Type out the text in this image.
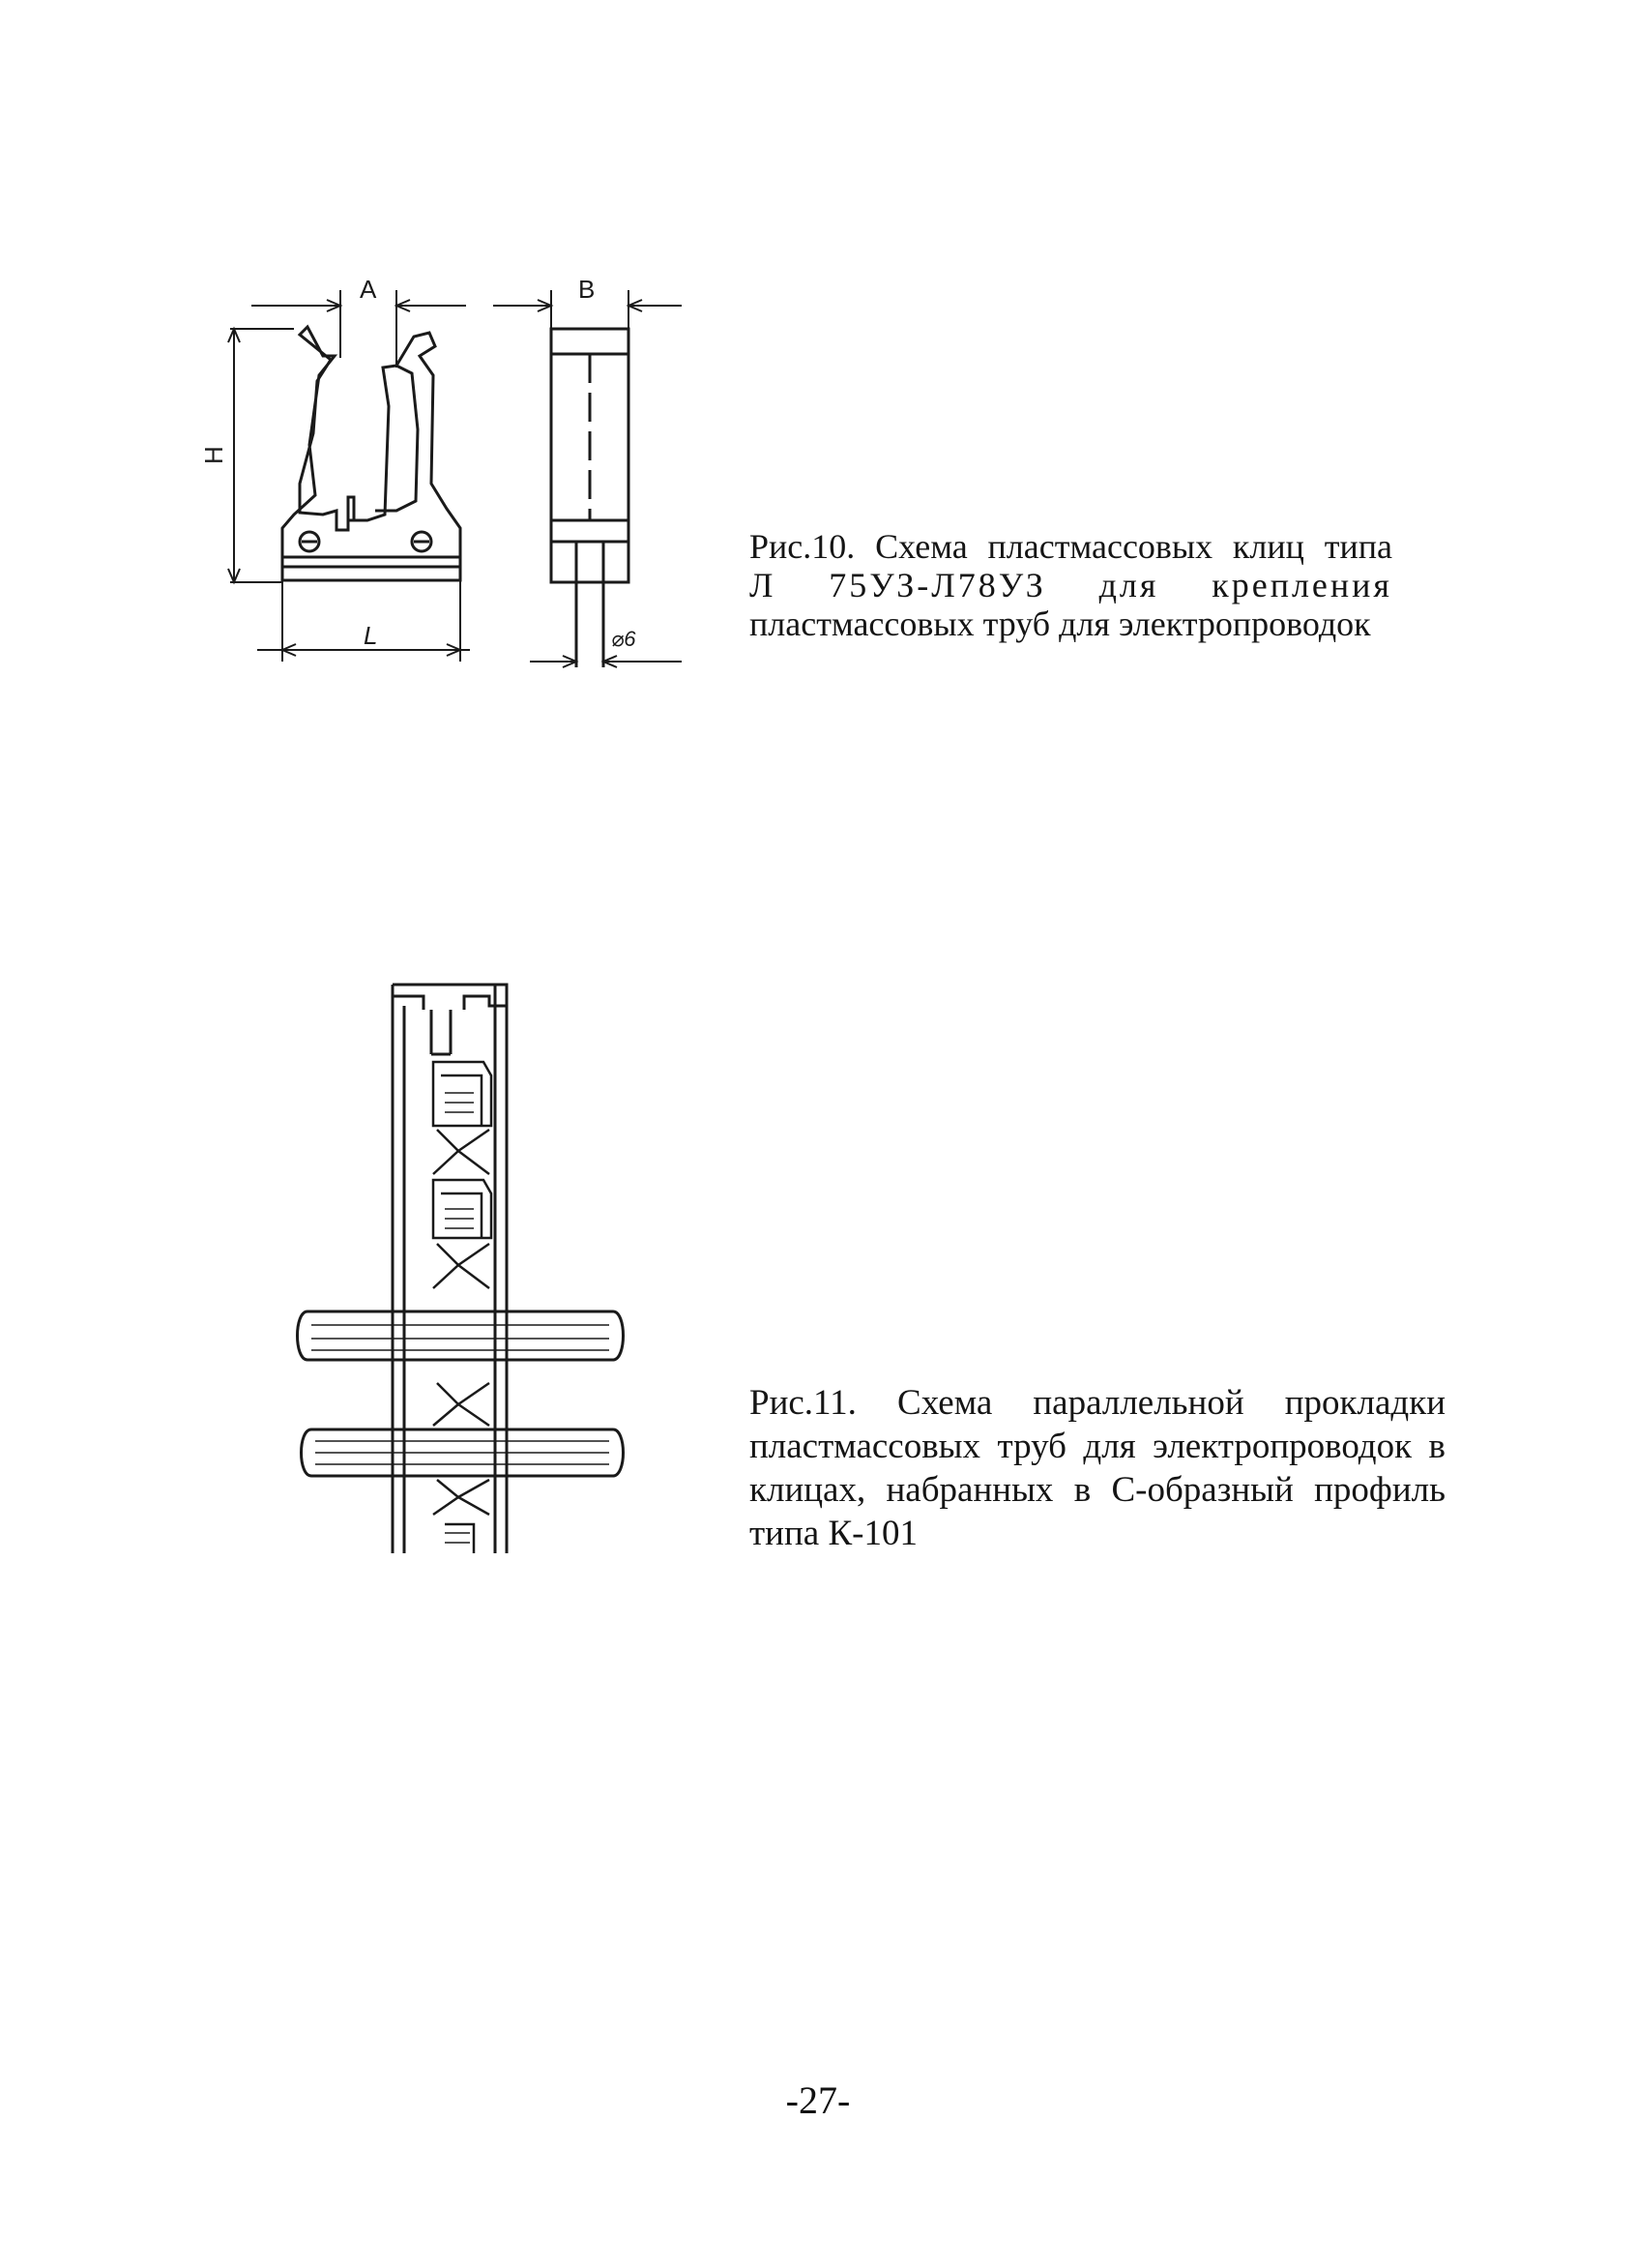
A	B
H
L	⌀6
Рис.10. Схема пластмассовых клиц типа
Л 75УЗ-Л78УЗ для крепления
пластмассовых труб для электропроводок
Рис.11. Схема параллельной прокладки
пластмассовых труб для электропроводок в
клицах, набранных в С-образный профиль
типа К-101
-27-
